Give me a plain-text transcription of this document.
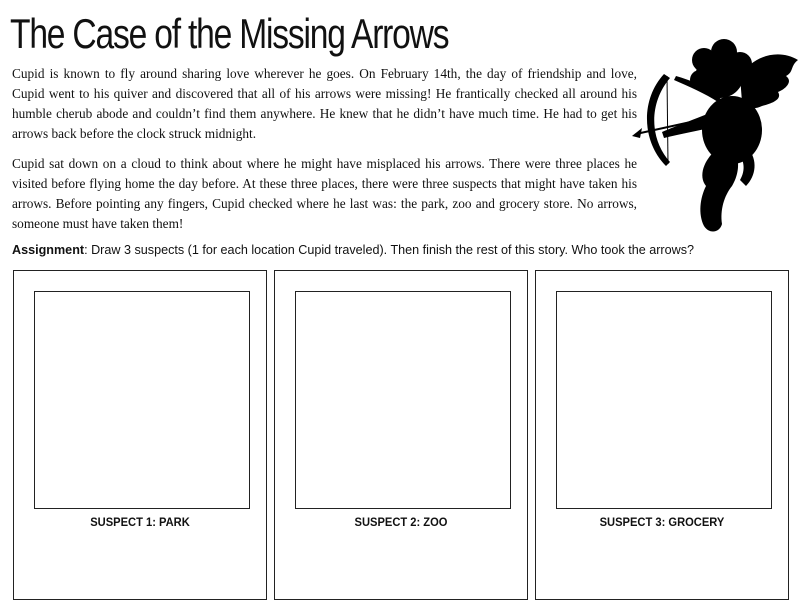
The Case of the Missing Arrows

Cupid is known to fly around sharing love wherever he goes. On February 14th, the day of friendship and love, Cupid went to his quiver and discovered that all of his arrows were missing! He frantically checked all around his humble cherub abode and couldn’t find them anywhere. He knew that he didn’t have much time. He had to get his arrows back before the clock struck midnight.

Cupid sat down on a cloud to think about where he might have misplaced his arrows. There were three places he visited before flying home the day before. At these three places, there were three suspects that might have taken his arrows. Before pointing any fingers, Cupid checked where he last was: the park, zoo and grocery store. No arrows, someone must have taken them!

Assignment: Draw 3 suspects (1 for each location Cupid traveled). Then finish the rest of this story. Who took the arrows?

SUSPECT 1: PARK	SUSPECT 2: ZOO	SUSPECT 3: GROCERY
